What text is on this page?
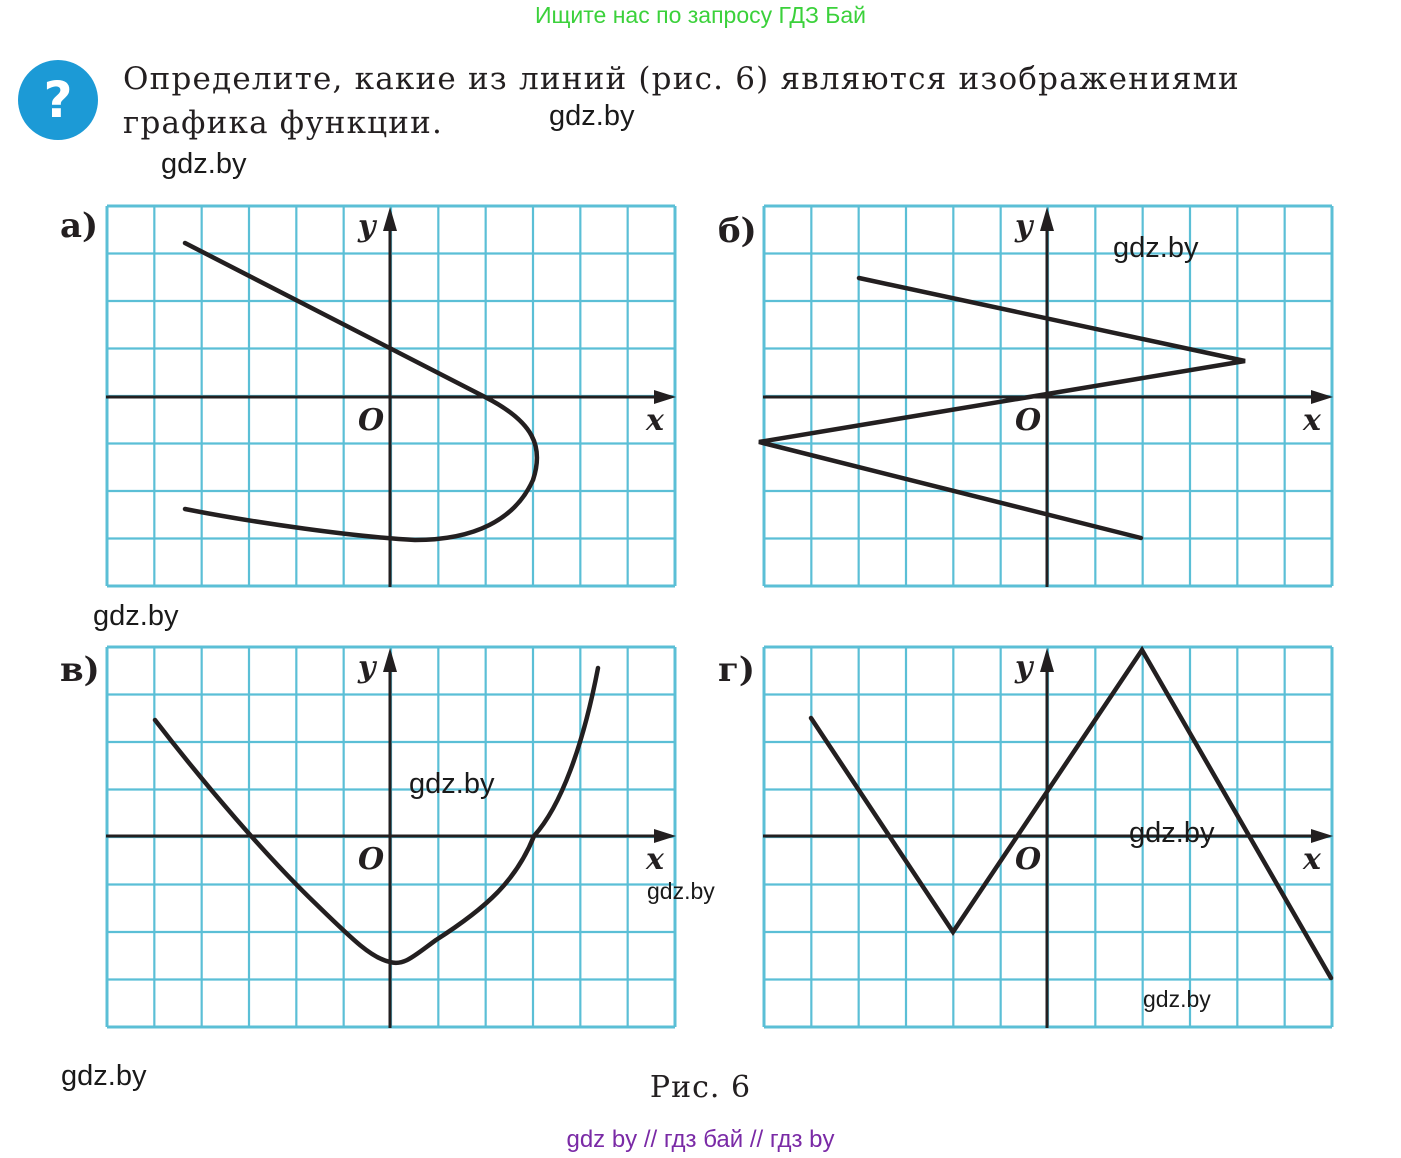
Ищите нас по запросу ГДЗ Бай
?	Определите, какие из линий (рис. 6) являются изображениями графика функции.	gdz.by
gdz.by
а)	б)
в)	г)
y
x
O
y
x
O
y
x
O
y
x
O
gdz.by
gdz.by
gdz.by
gdz.by
gdz.by
gdz.by
gdz.by	Рис. 6
gdz by // гдз бай // гдз by
